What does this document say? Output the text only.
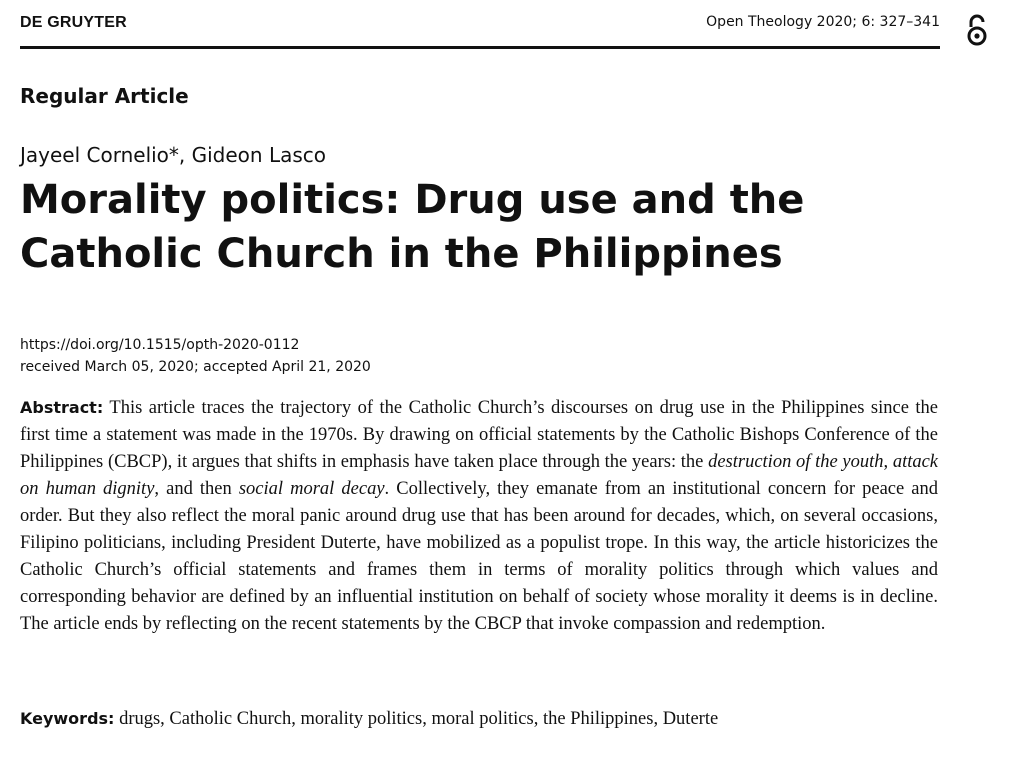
DE GRUYTER	Open Theology 2020; 6: 327–341
Regular Article
Jayeel Cornelio*, Gideon Lasco
Morality politics: Drug use and the Catholic Church in the Philippines
https://doi.org/10.1515/opth-2020-0112
received March 05, 2020; accepted April 21, 2020

Abstract: This article traces the trajectory of the Catholic Church’s discourses on drug use in the Philippines since the first time a statement was made in the 1970s. By drawing on official statements by the Catholic Bishops Conference of the Philippines (CBCP), it argues that shifts in emphasis have taken place through the years: the destruction of the youth, attack on human dignity, and then social moral decay. Collectively, they emanate from an institutional concern for peace and order. But they also reflect the moral panic around drug use that has been around for decades, which, on several occasions, Filipino politicians, including President Duterte, have mobilized as a populist trope. In this way, the article historicizes the Catholic Church’s official statements and frames them in terms of morality politics through which values and corresponding behavior are defined by an influential institution on behalf of society whose morality it deems is in decline. The article ends by reflecting on the recent statements by the CBCP that invoke compassion and redemption.

Keywords: drugs, Catholic Church, morality politics, moral politics, the Philippines, Duterte
